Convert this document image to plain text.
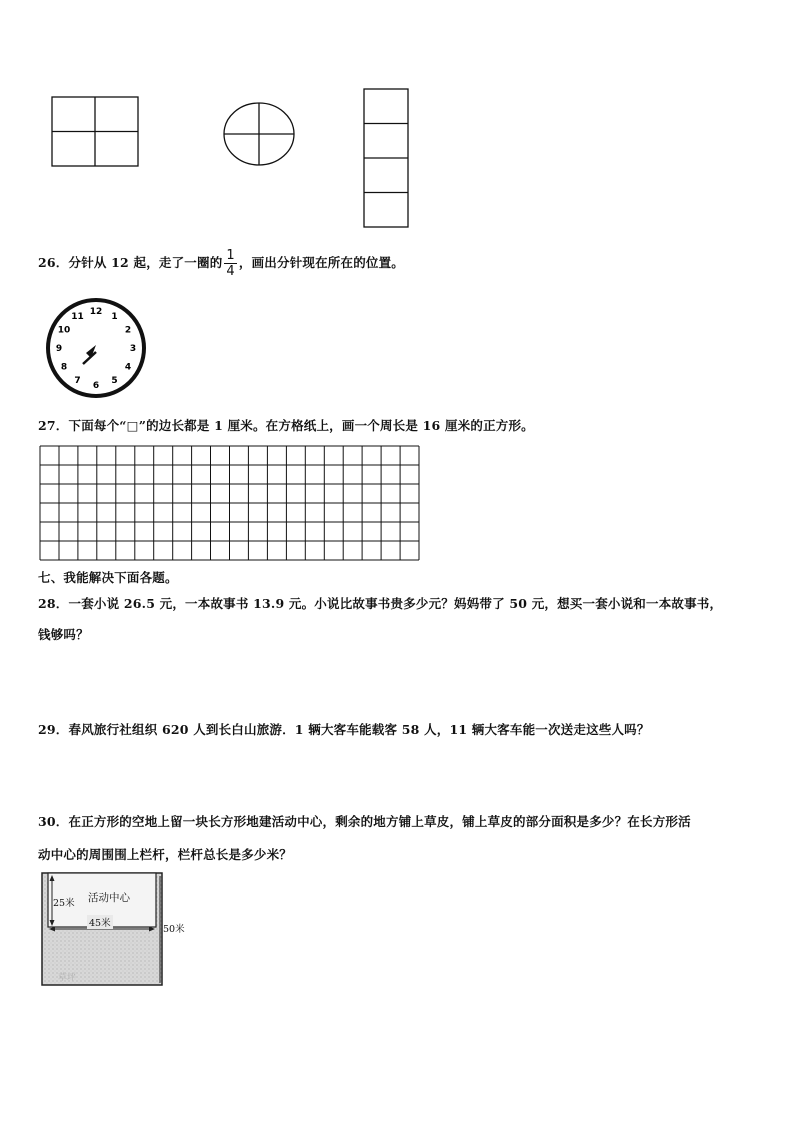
26．分针从 12 起，走了一圈的 $\frac{1}{4}$ ，画出分针现在所在的位置。
12 1
2
3
4
5
6
7
8
9
10
11
27．下面每个“□”的边长都是 1 厘米。在方格纸上，画一个周长是 16 厘米的正方形。
七、我能解决下面各题。
28．一套小说 26.5 元，一本故事书 13.9 元。小说比故事书贵多少元？妈妈带了 50 元，想买一套小说和一本故事书，
钱够吗？
29．春风旅行社组织 620 人到长白山旅游．1 辆大客车能载客 58 人，11 辆大客车能一次送走这些人吗？
30．在正方形的空地上留一块长方形地建活动中心，剩余的地方铺上草皮，铺上草皮的部分面积是多少？在长方形活
动中心的周围围上栏杆，栏杆总长是多少米？
活动中心
25米
45米
50米
草坪
